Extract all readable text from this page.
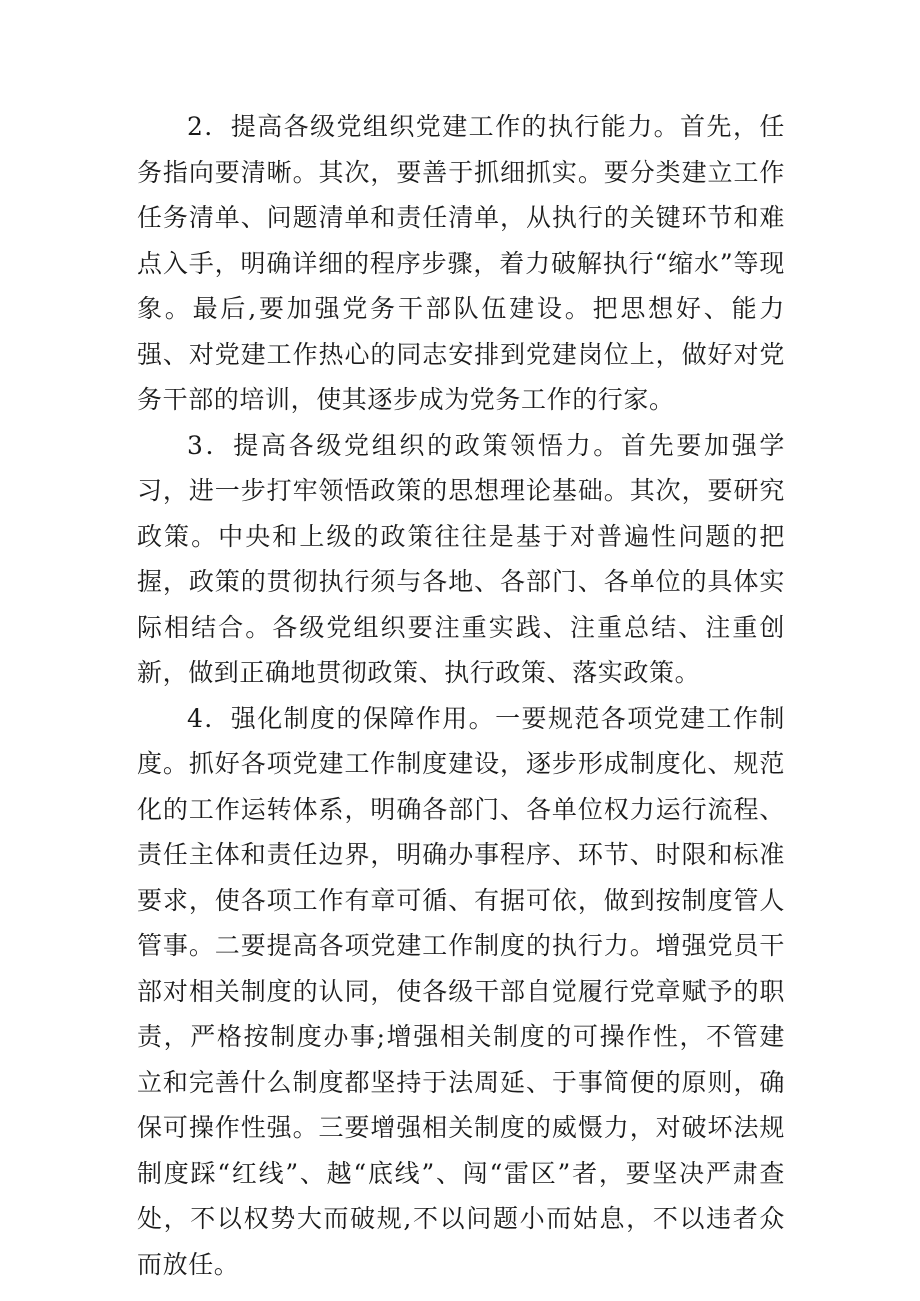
2．提高各级党组织党建工作的执行能力。首先，任务指向要清晰。其次，要善于抓细抓实。要分类建立工作任务清单、问题清单和责任清单，从执行的关键环节和难点入手，明确详细的程序步骤，着力破解执行“缩水”等现象。最后,要加强党务干部队伍建设。把思想好、能力强、对党建工作热心的同志安排到党建岗位上，做好对党务干部的培训，使其逐步成为党务工作的行家。

3．提高各级党组织的政策领悟力。首先要加强学习，进一步打牢领悟政策的思想理论基础。其次，要研究政策。中央和上级的政策往往是基于对普遍性问题的把握，政策的贯彻执行须与各地、各部门、各单位的具体实际相结合。各级党组织要注重实践、注重总结、注重创新，做到正确地贯彻政策、执行政策、落实政策。

4．强化制度的保障作用。一要规范各项党建工作制度。抓好各项党建工作制度建设，逐步形成制度化、规范化的工作运转体系，明确各部门、各单位权力运行流程、责任主体和责任边界，明确办事程序、环节、时限和标准要求，使各项工作有章可循、有据可依，做到按制度管人管事。二要提高各项党建工作制度的执行力。增强党员干部对相关制度的认同，使各级干部自觉履行党章赋予的职责，严格按制度办事;增强相关制度的可操作性，不管建立和完善什么制度都坚持于法周延、于事简便的原则，确保可操作性强。三要增强相关制度的威慑力，对破坏法规制度踩“红线”、越“底线”、闯“雷区”者，要坚决严肃查处，不以权势大而破规,不以问题小而姑息，不以违者众而放任。
